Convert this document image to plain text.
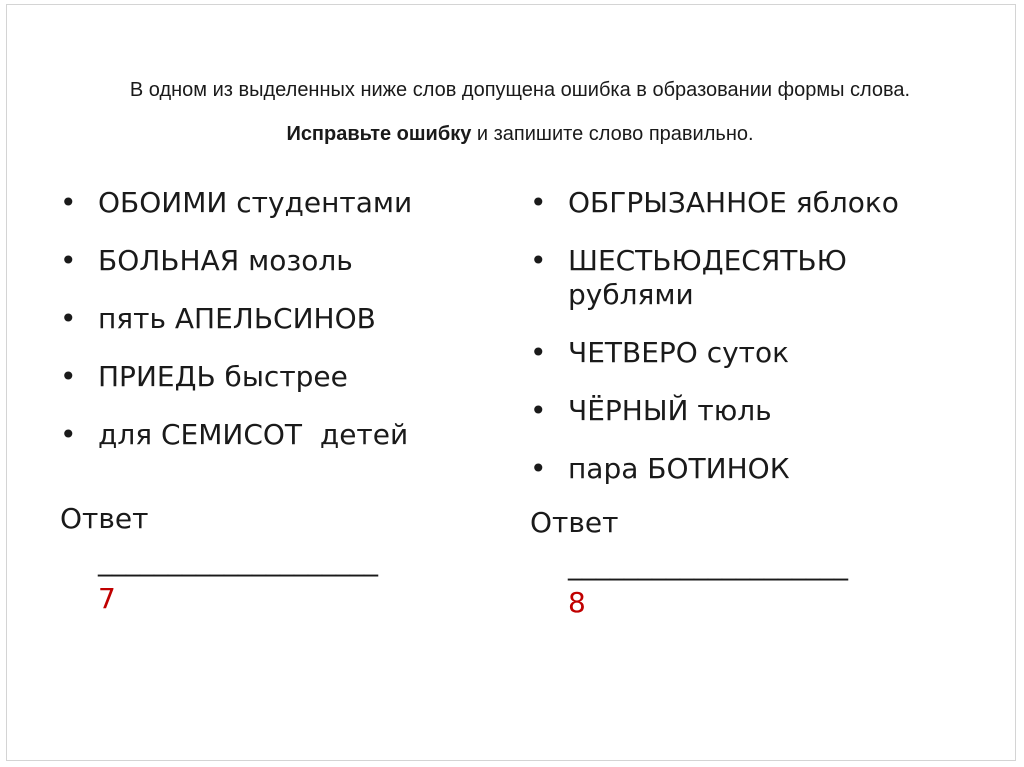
В одном из выделенных ниже слов допущена ошибка в образовании формы слова. Исправьте ошибку и запишите слово правильно.
• ОБОИМИ студентами
• БОЛЬНАЯ мозоль
• пять АПЕЛЬСИНОВ
• ПРИЕДЬ быстрее
• для СЕМИСОТ  детей
Ответ
____________________
7
• ОБГРЫЗАННОЕ яблоко
• ШЕСТЬЮДЕСЯТЬЮ рублями
• ЧЕТВЕРО суток
• ЧЁРНЫЙ тюль
• пара БОТИНОК
Ответ
____________________
8
